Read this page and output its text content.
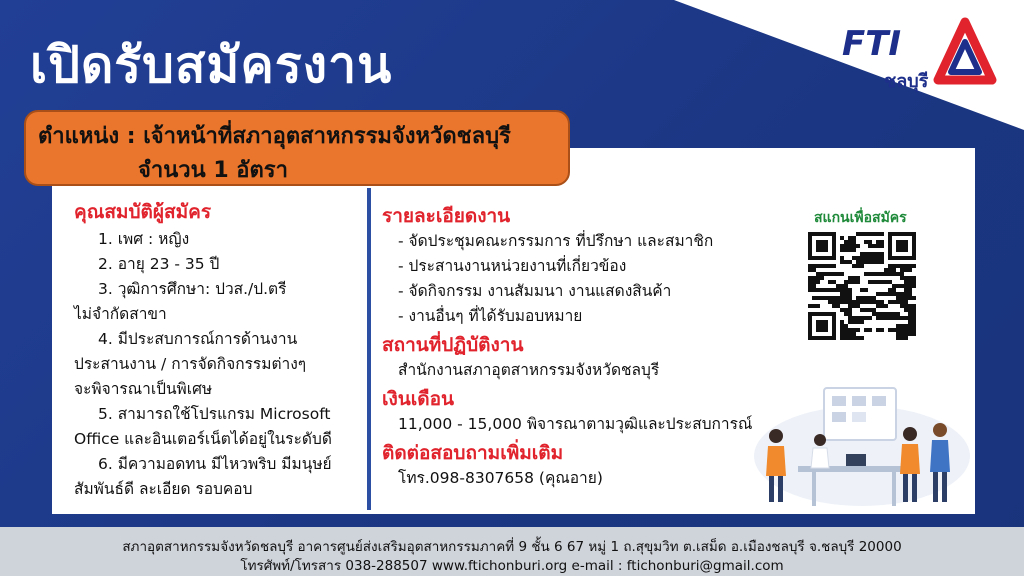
เปิดรับสมัครงาน	FTI
ชลบุรี
ตำแหน่ง : เจ้าหน้าที่สภาอุตสาหกรรมจังหวัดชลบุรี
จำนวน 1 อัตรา
คุณสมบัติผู้สมัคร
1. เพศ : หญิง
2. อายุ 23 - 35 ปี
3. วุฒิการศึกษา: ปวส./ป.ตรี
ไม่จำกัดสาขา
4. มีประสบการณ์การด้านงาน
ประสานงาน / การจัดกิจกรรมต่างๆ
จะพิจารณาเป็นพิเศษ
5. สามารถใช้โปรแกรม Microsoft
Office และอินเตอร์เน็ตได้อยู่ในระดับดี
6. มีความอดทน มีไหวพริบ มีมนุษย์
สัมพันธ์ดี ละเอียด รอบคอบ
รายละเอียดงาน
- จัดประชุมคณะกรรมการ ที่ปรึกษา และสมาชิก
- ประสานงานหน่วยงานที่เกี่ยวข้อง
- จัดกิจกรรม งานสัมมนา งานแสดงสินค้า
- งานอื่นๆ ที่ได้รับมอบหมาย
สถานที่ปฏิบัติงาน
สำนักงานสภาอุตสาหกรรมจังหวัดชลบุรี
เงินเดือน
11,000 - 15,000 พิจารณาตามวุฒิและประสบการณ์
ติดต่อสอบถามเพิ่มเติม
โทร.098-8307658 (คุณอาย)
สแกนเพื่อสมัคร
สภาอุตสาหกรรมจังหวัดชลบุรี อาคารศูนย์ส่งเสริมอุตสาหกรรมภาคที่ 9 ชั้น 6 67 หมู่ 1 ถ.สุขุมวิท ต.เสม็ด อ.เมืองชลบุรี จ.ชลบุรี 20000
โทรศัพท์/โทรสาร 038-288507 www.ftichonburi.org e-mail : ftichonburi@gmail.com
